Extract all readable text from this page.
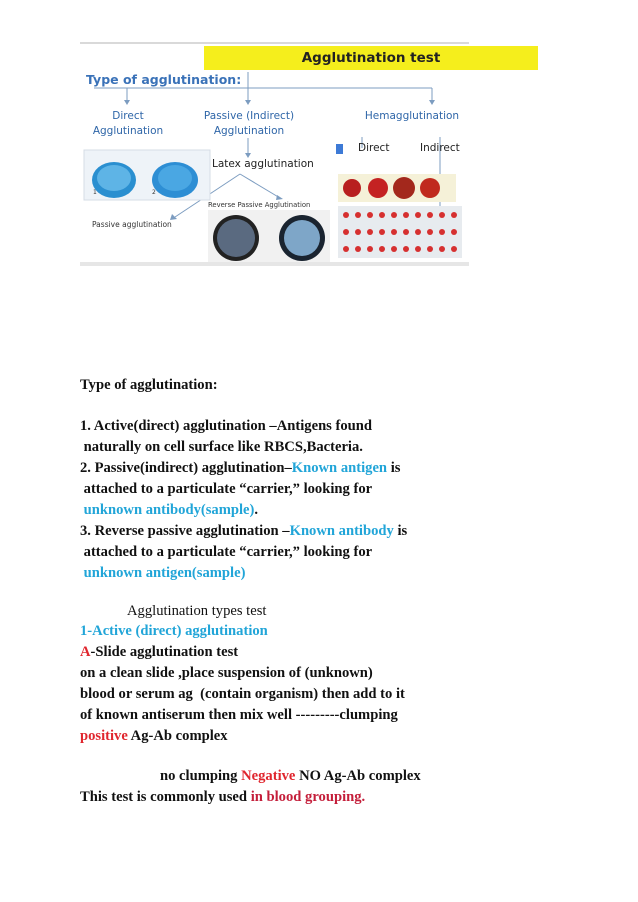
Agglutination test
Type of agglutination:
Direct
Agglutination
Passive (Indirect)
Agglutination
Hemagglutination
Latex agglutination
Direct	Indirect
Passive agglutination
Reverse Passive Agglutination
1	2
Type of agglutination:
1. Active(direct) agglutination –Antigens found
naturally on cell surface like RBCS,Bacteria.
2. Passive(indirect) agglutination–Known antigen is
attached to a particulate “carrier,” looking for
unknown antibody(sample).
3. Reverse passive agglutination –Known antibody is
attached to a particulate “carrier,” looking for
unknown antigen(sample)
Agglutination types test
1-Active (direct) agglutination
A-Slide agglutination test
on a clean slide ,place suspension of (unknown)
blood or serum ag  (contain organism) then add to it
of known antiserum then mix well ---------clumping
positive Ag-Ab complex
no clumping Negative NO Ag-Ab complex
This test is commonly used in blood grouping.
